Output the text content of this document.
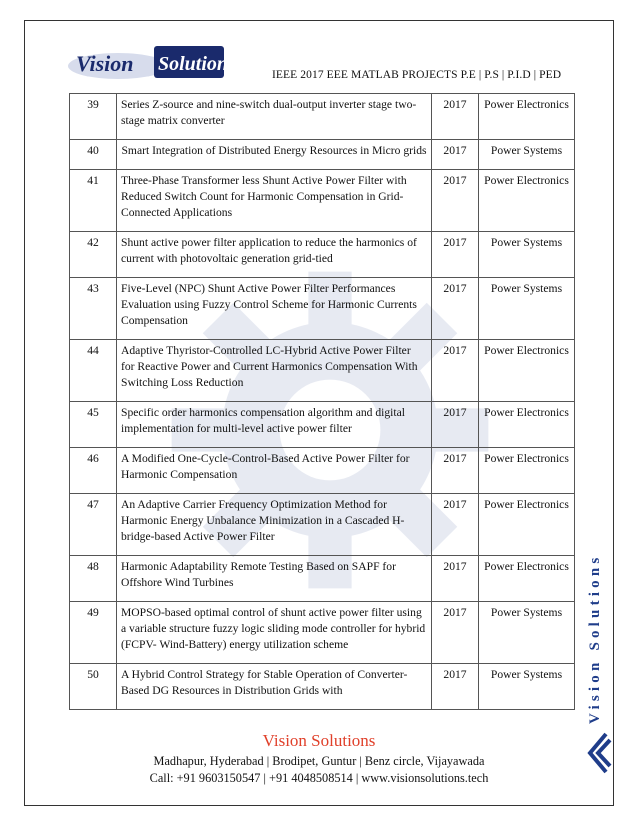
Vision Solutions	IEEE 2017 EEE MATLAB PROJECTS P.E | P.S | P.I.D | PED
39	Series Z-source and nine-switch dual-output inverter stage two-stage matrix converter	2017	Power Electronics
40	Smart Integration of Distributed Energy Resources in Micro grids	2017	Power Systems
41	Three-Phase Transformer less Shunt Active Power Filter with Reduced Switch Count for Harmonic Compensation in Grid-Connected Applications	2017	Power Electronics
42	Shunt active power filter application to reduce the harmonics of current with photovoltaic generation grid-tied	2017	Power Systems
43	Five-Level (NPC) Shunt Active Power Filter Performances Evaluation using Fuzzy Control Scheme for Harmonic Currents Compensation	2017	Power Systems
44	Adaptive Thyristor-Controlled LC-Hybrid Active Power Filter for Reactive Power and Current Harmonics Compensation With Switching Loss Reduction	2017	Power Electronics
45	Specific order harmonics compensation algorithm and digital implementation for multi-level active power filter	2017	Power Electronics
46	A Modified One-Cycle-Control-Based Active Power Filter for Harmonic Compensation	2017	Power Electronics
47	An Adaptive Carrier Frequency Optimization Method for Harmonic Energy Unbalance Minimization in a Cascaded H-bridge-based Active Power Filter	2017	Power Electronics
48	Harmonic Adaptability Remote Testing Based on SAPF for Offshore Wind Turbines	2017	Power Electronics
49	MOPSO-based optimal control of shunt active power filter using a variable structure fuzzy logic sliding mode controller for hybrid (FCPV- Wind-Battery) energy utilization scheme	2017	Power Systems
50	A Hybrid Control Strategy for Stable Operation of Converter-Based DG Resources in Distribution Grids with	2017	Power Systems Vision Solutions
Vision Solutions
Madhapur, Hyderabad | Brodipet, Guntur | Benz circle, Vijayawada
Call: +91 9603150547 | +91 4048508514 | www.visionsolutions.tech
